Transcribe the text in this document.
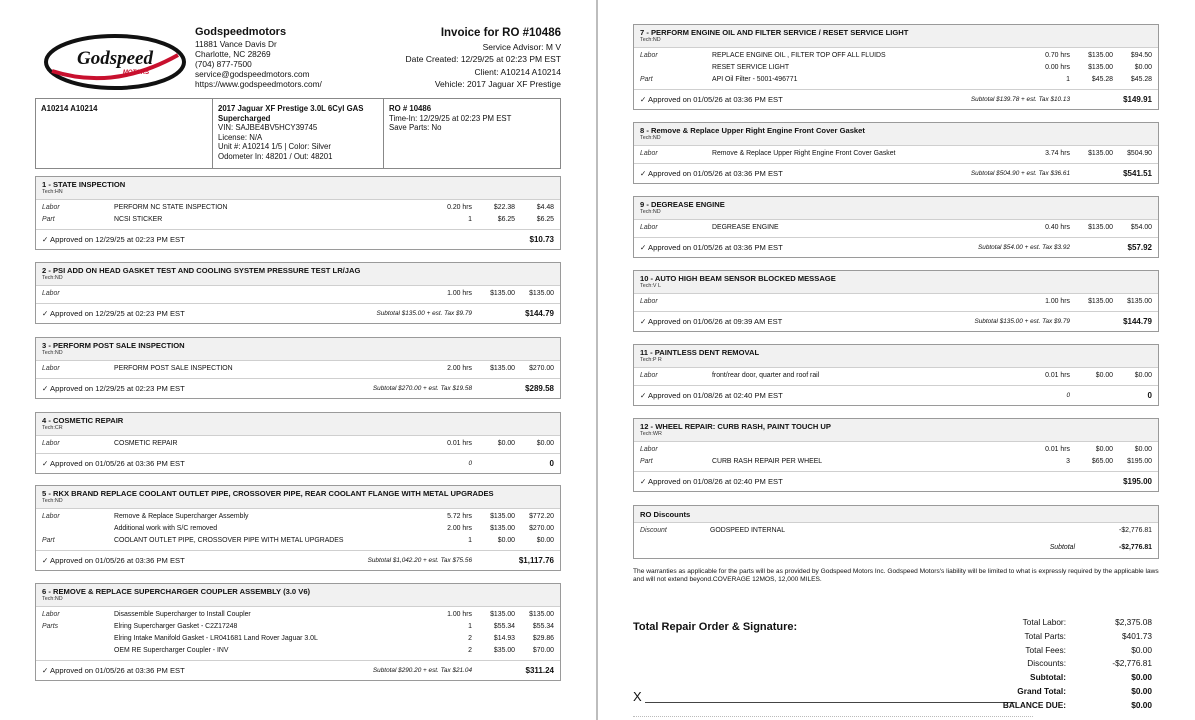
Godspeed
MOTORS
Godspeedmotors
11881 Vance Davis Dr
Charlotte, NC 28269
(704) 877-7500
service@godspeedmotors.com
https://www.godspeedmotors.com/
Invoice for RO #10486
Service Advisor: M V
Date Created: 12/29/25 at 02:23 PM EST
Client: A10214 A10214
Vehicle: 2017 Jaguar XF Prestige
A10214 A10214	2017 Jaguar XF Prestige 3.0L 6Cyl GAS
Supercharged
VIN: SAJBE4BV5HCY39745
License: N/A
Unit #: A10214 1/5 | Color: Silver
Odometer In: 48201 / Out: 48201
RO # 10486
Time-In: 12/29/25 at 02:23 PM EST
Save Parts: No
1 - STATE INSPECTION
Tech:HN
Labor	PERFORM NC STATE INSPECTION	0.20 hrs	$22.38	$4.48
Part	NCSI STICKER	1	$6.25	$6.25
✓ Approved on 12/29/25 at 02:23 PM EST	$10.73
2 - PSI ADD ON HEAD GASKET TEST AND COOLING SYSTEM PRESSURE TEST LR/JAG
Tech:ND
Labor	1.00 hrs	$135.00 $135.00
✓ Approved on 12/29/25 at 02:23 PM EST	Subtotal $135.00 + est. Tax $9.79	$144.79
3 - PERFORM POST SALE INSPECTION
Tech:ND
Labor	PERFORM POST SALE INSPECTION	2.00 hrs	$135.00 $270.00
✓ Approved on 12/29/25 at 02:23 PM EST	Subtotal $270.00 + est. Tax $19.58	$289.58
4 - COSMETIC REPAIR
Tech:CR
Labor	COSMETIC REPAIR	0.01 hrs	$0.00	$0.00
✓ Approved on 01/05/26 at 03:36 PM EST	0	0
5 - RKX BRAND REPLACE COOLANT OUTLET PIPE, CROSSOVER PIPE, REAR COOLANT FLANGE WITH METAL UPGRADES
Tech:ND
Labor	Remove & Replace Supercharger Assembly	5.72 hrs	$135.00 $772.20
Additional work with S/C removed	2.00 hrs	$135.00 $270.00
Part	COOLANT OUTLET PIPE, CROSSOVER PIPE WITH METAL UPGRADES	1	$0.00	$0.00
✓ Approved on 01/05/26 at 03:36 PM EST	Subtotal $1,042.20 + est. Tax $75.56	$1,117.76
6 - REMOVE & REPLACE SUPERCHARGER COUPLER ASSEMBLY (3.0 V6)
Tech:ND
Labor	Disassemble Supercharger to Install Coupler	1.00 hrs	$135.00 $135.00
Parts	Elring Supercharger Gasket - C2Z17248	1	$55.34	$55.34
Elring Intake Manifold Gasket - LR041681 Land Rover Jaguar 3.0L	2	$14.93	$29.86
OEM RE Supercharger Coupler - INV	2	$35.00	$70.00
✓ Approved on 01/05/26 at 03:36 PM EST	Subtotal $290.20 + est. Tax $21.04	$311.24
7 - PERFORM ENGINE OIL AND FILTER SERVICE / RESET SERVICE LIGHT
Tech:ND
Labor	REPLACE ENGINE OIL , FILTER TOP OFF ALL FLUIDS	0.70 hrs	$135.00	$94.50
RESET SERVICE LIGHT	0.00 hrs	$135.00	$0.00
Part	API Oil Filter - 5001-496771	1	$45.28	$45.28
✓ Approved on 01/05/26 at 03:36 PM EST	Subtotal $139.78 + est. Tax $10.13	$149.91
8 - Remove & Replace Upper Right Engine Front Cover Gasket
Tech:ND
Labor	Remove & Replace Upper Right Engine Front Cover Gasket	3.74 hrs	$135.00 $504.90
✓ Approved on 01/05/26 at 03:36 PM EST	Subtotal $504.90 + est. Tax $36.61	$541.51
9 - DEGREASE ENGINE
Tech:ND
Labor	DEGREASE ENGINE	0.40 hrs	$135.00	$54.00
✓ Approved on 01/05/26 at 03:36 PM EST	Subtotal $54.00 + est. Tax $3.92	$57.92
10 - AUTO HIGH BEAM SENSOR BLOCKED MESSAGE
Tech:V L
Labor	1.00 hrs	$135.00 $135.00
✓ Approved on 01/06/26 at 09:39 AM EST	Subtotal $135.00 + est. Tax $9.79	$144.79
11 - PAINTLESS DENT REMOVAL
Tech:P R
Labor	front/rear door, quarter and roof rail	0.01 hrs	$0.00	$0.00
✓ Approved on 01/08/26 at 02:40 PM EST	0	0
12 - WHEEL REPAIR: CURB RASH, PAINT TOUCH UP
Tech:WR
Labor	0.01 hrs	$0.00	$0.00
Part	CURB RASH REPAIR PER WHEEL	3	$65.00 $195.00
✓ Approved on 01/08/26 at 02:40 PM EST	$195.00
RO Discounts
Discount	GODSPEED INTERNAL	-$2,776.81
Subtotal	-$2,776.81
The warranties as applicable for the parts will be as provided by Godspeed Motors Inc. Godspeed Motors's liability will be limited to what is expressly required by the applicable laws and will not extend beyond.COVERAGE 12MOS, 12,000 MILES.
Total Repair Order & Signature:
X
Total Labor:	$2,375.08
Total Parts:	$401.73
Total Fees:	$0.00
Discounts:	-$2,776.81
Subtotal:	$0.00
Grand Total:	$0.00
BALANCE DUE:	$0.00
